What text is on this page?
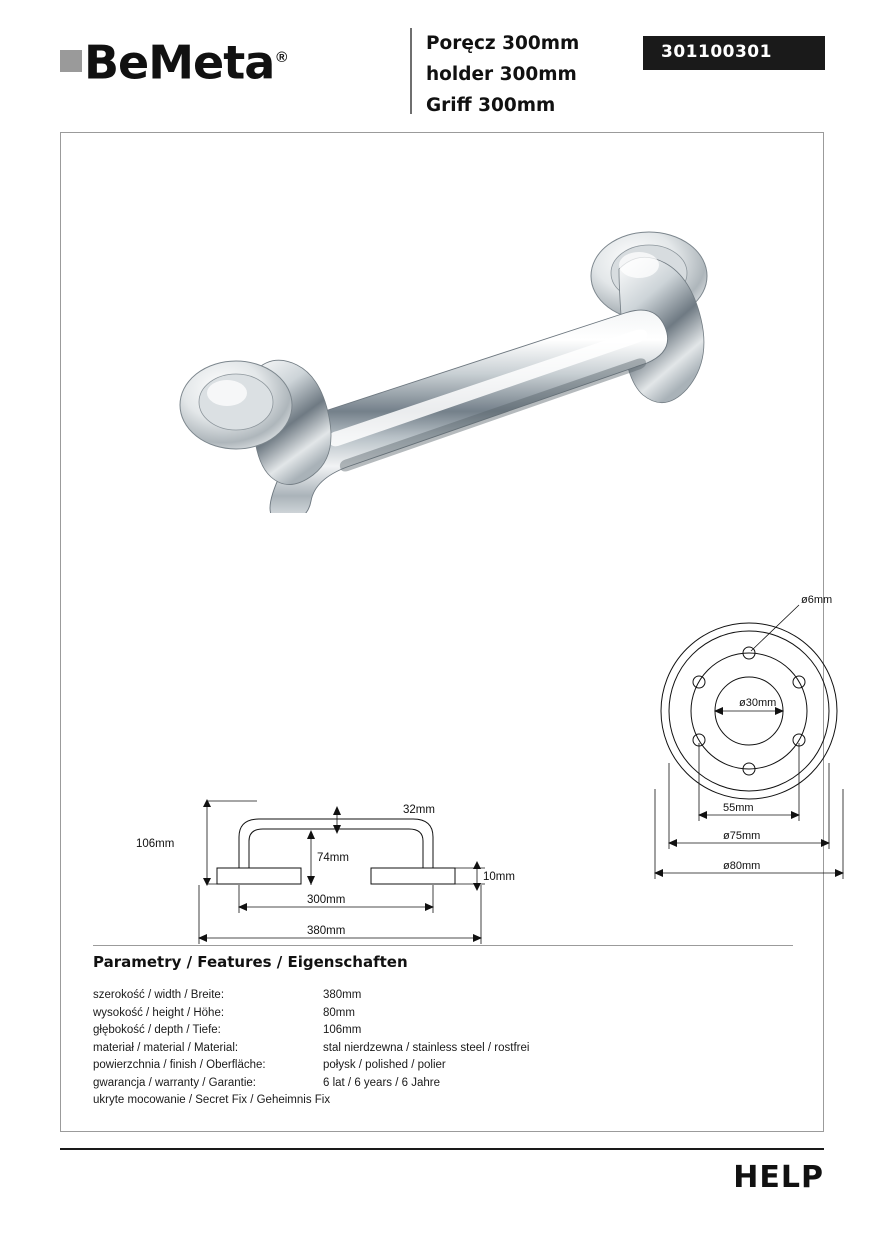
BeMeta ®
Poręcz 300mm
holder 300mm
Griff 300mm
301100301
106mm
32mm
74mm
10mm
300mm
380mm
ø6mm
ø30mm
55mm
ø75mm
ø80mm
Parametry / Features / Eigenschaften
szerokość / width / Breite:	380mm
wysokość / height / Höhe:	80mm
głębokość / depth / Tiefe:	106mm
materiał / material / Material:	stal nierdzewna / stainless steel / rostfrei
powierzchnia / finish / Oberfläche:	połysk / polished / polier
gwarancja / warranty / Garantie:	6 lat / 6 years / 6 Jahre
ukryte mocowanie / Secret Fix / Geheimnis Fix
HELP
